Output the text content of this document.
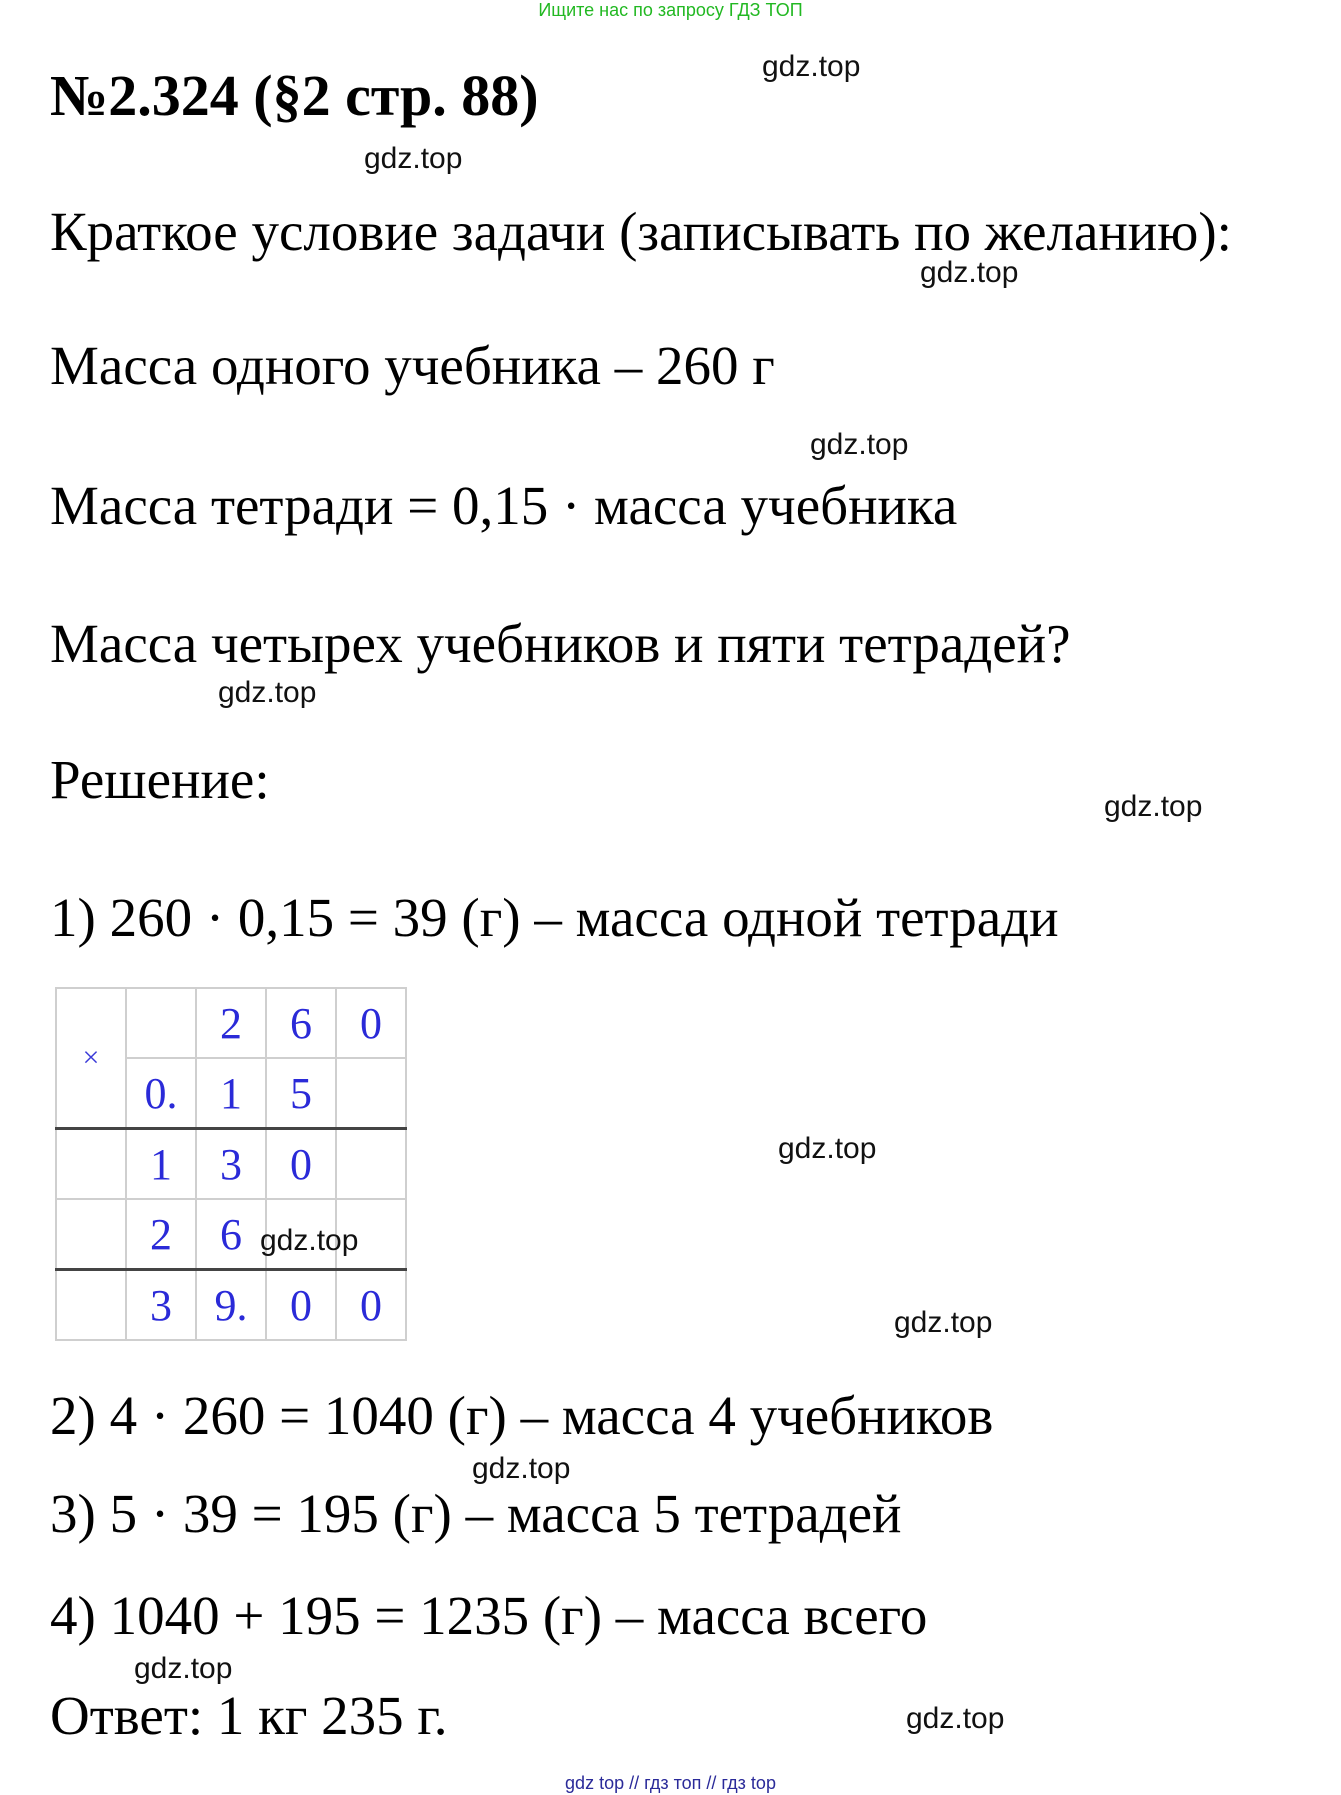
Ищите нас по запросу ГДЗ ТОП
№2.324 (§2 стр. 88)
Краткое условие задачи (записывать по желанию):
Масса одного учебника – 260 г
Масса тетради = 0,15 · масса учебника
Масса четырех учебников и пяти тетрадей?
Решение:
1) 260 · 0,15 = 39 (г) – масса одной тетради
×		2	6	0
	0.	1	5	
	1	3	0	
	2	6		
	3	9.	0	0
2) 4 · 260 = 1040 (г) – масса 4 учебников
3) 5 · 39 = 195 (г) – масса 5 тетрадей
4) 1040 + 195 = 1235 (г) – масса всего
Ответ: 1 кг 235 г.
gdz.top
gdz.top
gdz.top
gdz.top
gdz.top
gdz.top
gdz.top
gdz.top
gdz.top
gdz.top
gdz.top
gdz.top
gdz top // гдз топ // гдз top
